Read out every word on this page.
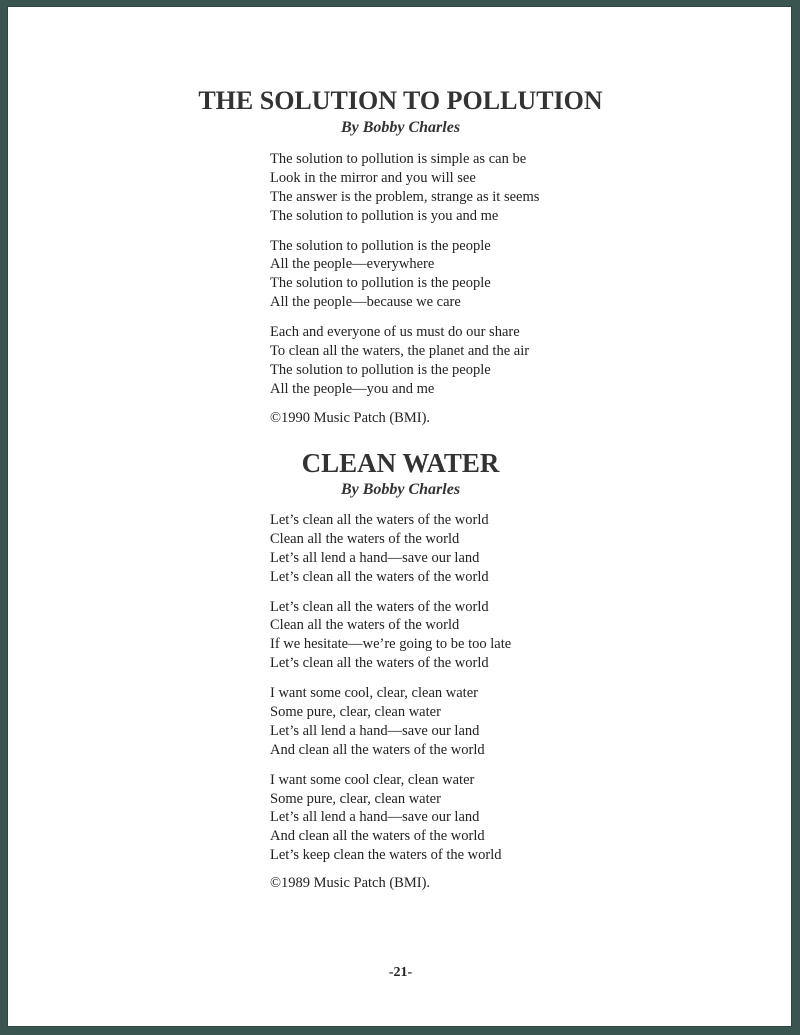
THE SOLUTION TO POLLUTION
By Bobby Charles
The solution to pollution is simple as can be
Look in the mirror and you will see
The answer is the problem, strange as it seems
The solution to pollution is you and me
The solution to pollution is the people
All the people—everywhere
The solution to pollution is the people
All the people—because we care
Each and everyone of us must do our share
To clean all the waters, the planet and the air
The solution to pollution is the people
All the people—you and me
©1990 Music Patch (BMI).
CLEAN WATER
By Bobby Charles
Let’s clean all the waters of the world
Clean all the waters of the world
Let’s all lend a hand—save our land
Let’s clean all the waters of the world
Let’s clean all the waters of the world
Clean all the waters of the world
If we hesitate—we’re going to be too late
Let’s clean all the waters of the world
I want some cool, clear, clean water
Some pure, clear, clean water
Let’s all lend a hand—save our land
And clean all the waters of the world
I want some cool clear, clean water
Some pure, clear, clean water
Let’s all lend a hand—save our land
And clean all the waters of the world
Let’s keep clean the waters of the world
©1989 Music Patch (BMI).
-21-
